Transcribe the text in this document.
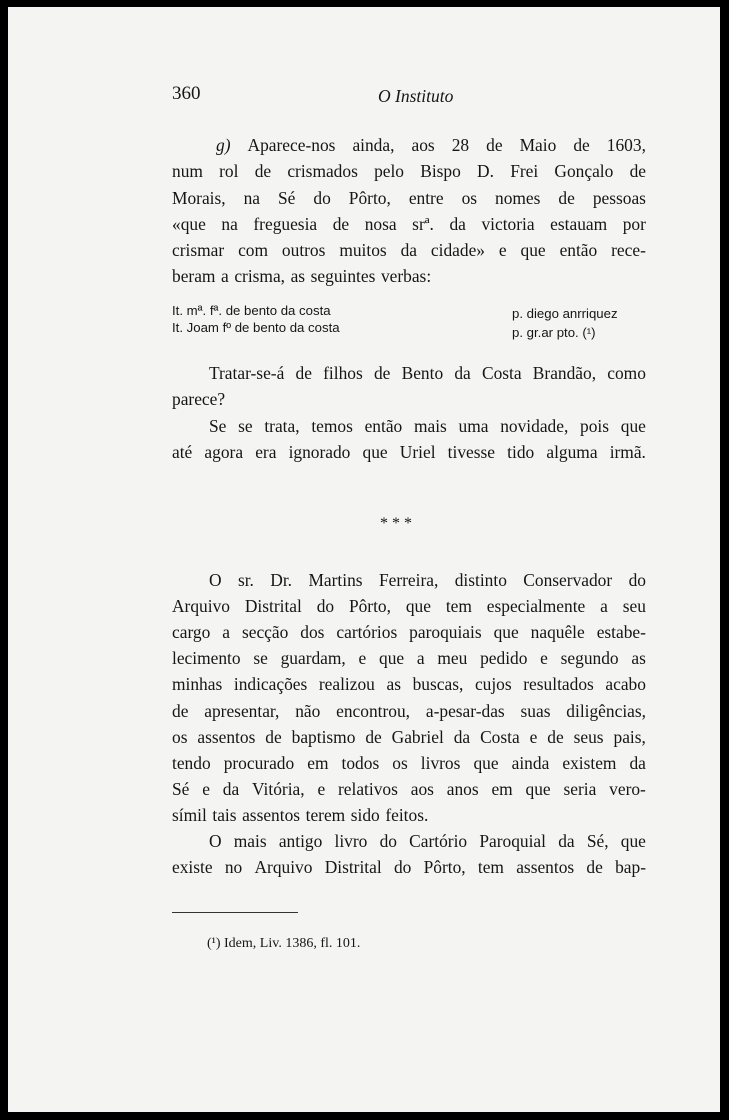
360	O Instituto
g) Aparece-nos ainda, aos 28 de Maio de 1603,
num rol de crismados pelo Bispo D. Frei Gonçalo de
Morais, na Sé do Pôrto, entre os nomes de pessoas
«que na freguesia de nosa srª. da victoria estauam por
crismar com outros muitos da cidade» e que então rece-
beram a crisma, as seguintes verbas:
It. mª. fª. de bento da costa	p. diego anrriquez
It. Joam fº de bento da costa	p. gr.ar pto. (¹)
Tratar-se-á de filhos de Bento da Costa Brandão, como
parece?
Se se trata, temos então mais uma novidade, pois que
até agora era ignorado que Uriel tivesse tido alguma irmã.
* * *
O sr. Dr. Martins Ferreira, distinto Conservador do
Arquivo Distrital do Pôrto, que tem especialmente a seu
cargo a secção dos cartórios paroquiais que naquêle estabe-
lecimento se guardam, e que a meu pedido e segundo as
minhas indicações realizou as buscas, cujos resultados acabo
de apresentar, não encontrou, a-pesar-das suas diligências,
os assentos de baptismo de Gabriel da Costa e de seus pais,
tendo procurado em todos os livros que ainda existem da
Sé e da Vitória, e relativos aos anos em que seria vero-
símil tais assentos terem sido feitos.
O mais antigo livro do Cartório Paroquial da Sé, que
existe no Arquivo Distrital do Pôrto, tem assentos de bap-
(¹) Idem, Liv. 1386, fl. 101.
